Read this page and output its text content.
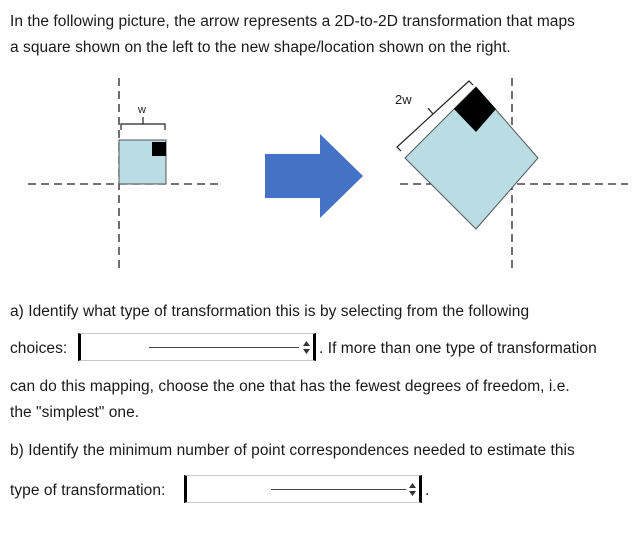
In the following picture, the arrow represents a 2D-to-2D transformation that maps
a square shown on the left to the new shape/location shown on the right.
w
2w
a) Identify what type of transformation this is by selecting from the following
choices:	. If more than one type of transformation
can do this mapping, choose the one that has the fewest degrees of freedom, i.e.
the "simplest" one.
b) Identify the minimum number of point correspondences needed to estimate this
type of transformation:	.
